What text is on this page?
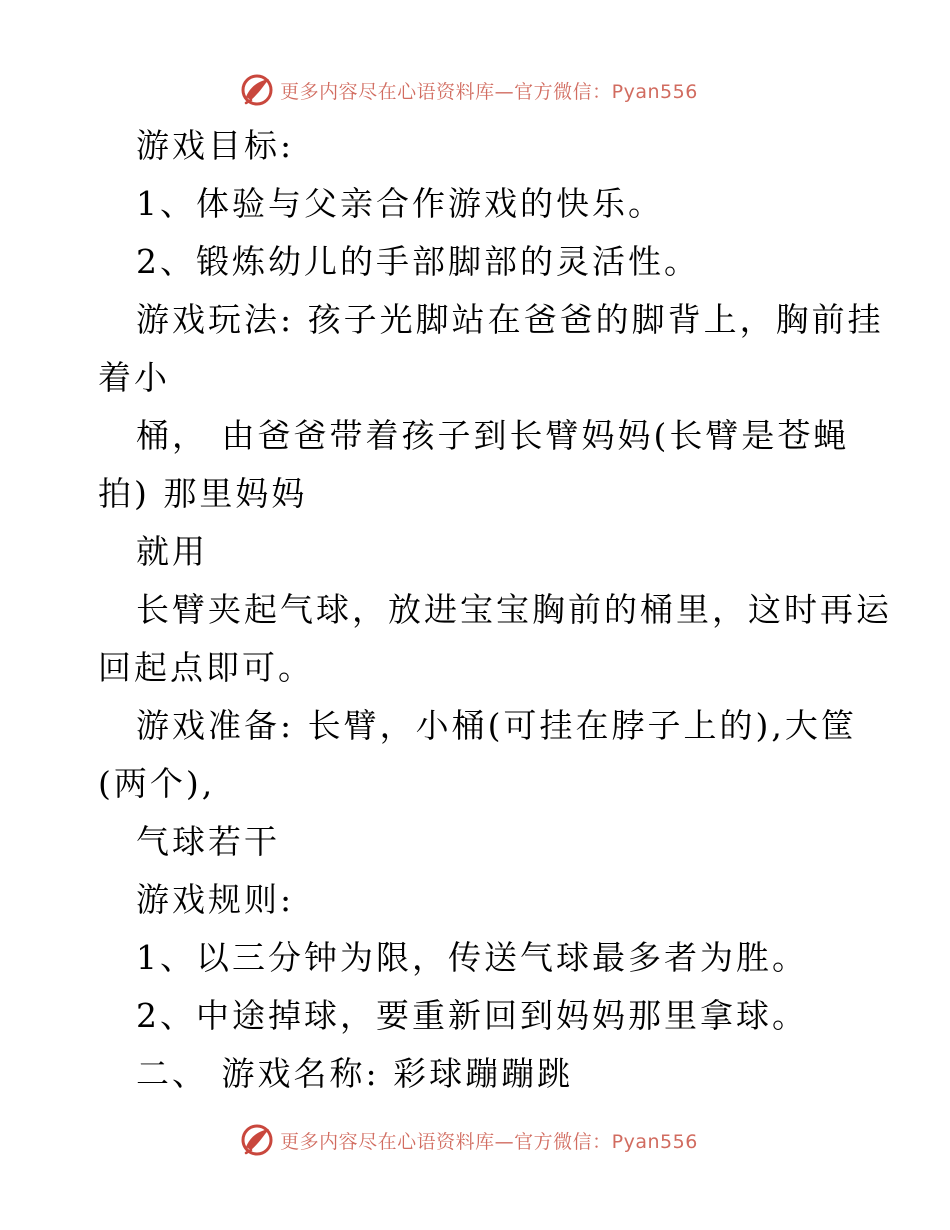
更多内容尽在心语资料库—官方微信：Pyan556
游戏目标:
1、体验与父亲合作游戏的快乐。
2、锻炼幼儿的手部脚部的灵活性。
游戏玩法: 孩子光脚站在爸爸的脚背上，胸前挂
着小
桶， 由爸爸带着孩子到长臂妈妈(长臂是苍蝇
拍) 那里妈妈
就用
长臂夹起气球，放进宝宝胸前的桶里，这时再运
回起点即可。
游戏准备: 长臂，小桶(可挂在脖子上的),大筐
(两个),
气球若干
游戏规则:
1、以三分钟为限，传送气球最多者为胜。
2、中途掉球，要重新回到妈妈那里拿球。
二、 游戏名称: 彩球蹦蹦跳
更多内容尽在心语资料库—官方微信：Pyan556
